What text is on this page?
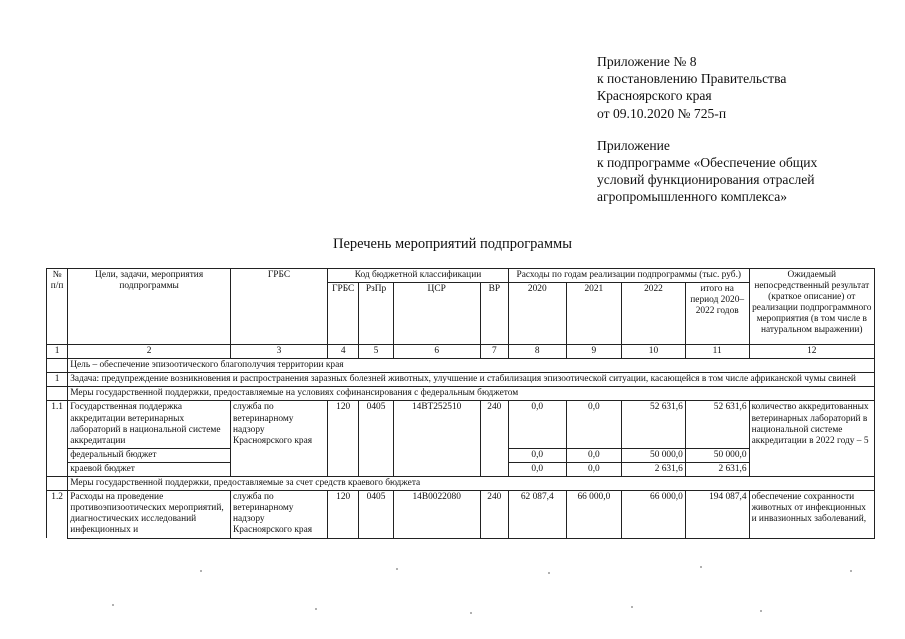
Приложение № 8
к постановлению Правительства
Красноярского края
от 09.10.2020 № 725-п
Приложение
к подпрограмме «Обеспечение общих
условий функционирования отраслей
агропромышленного комплекса»
Перечень мероприятий подпрограммы
№ п/п	Цели, задачи, мероприятия подпрограммы	ГРБС	Код бюджетной классификации				Расходы по годам реализации подпрограммы (тыс. руб.)				Ожидаемый непосредственный результат (краткое описание) от реализации подпрограммного мероприятия (в том числе в натуральном выражении)
			ГРБС	РзПр	ЦСР	ВР	2020	2021	2022	итого на период 2020–2022 годов	
1	2	3	4	5	6	7	8	9	10	11	12
	Цель – обеспечение эпизоотического благополучия территории края										
1	Задача: предупреждение возникновения и распространения заразных болезней животных, улучшение и стабилизация эпизоотической ситуации, касающейся в том числе африканской чумы свиней										
	Меры государственной поддержки, предоставляемые на условиях софинансирования с федеральным бюджетом										
1.1	Государственная поддержка аккредитации ветеринарных лабораторий в национальной системе аккредитации	служба по ветеринарному надзору Красноярского края	120	0405	14ВТ252510	240	0,0	0,0	52 631,6	52 631,6	количество аккредитованных ветеринарных лабораторий в национальной системе аккредитации в 2022 году – 5
	федеральный бюджет						0,0	0,0	50 000,0	50 000,0	
	краевой бюджет						0,0	0,0	2 631,6	2 631,6	
	Меры государственной поддержки, предоставляемые за счет средств краевого бюджета										
1.2	Расходы на проведение противоэпизоотических мероприятий, диагностических исследований инфекционных и	служба по ветеринарному надзору Красноярского края	120	0405	14В0022080	240	62 087,4	66 000,0	66 000,0	194 087,4	обеспечение сохранности животных от инфекционных и инвазионных заболеваний,
